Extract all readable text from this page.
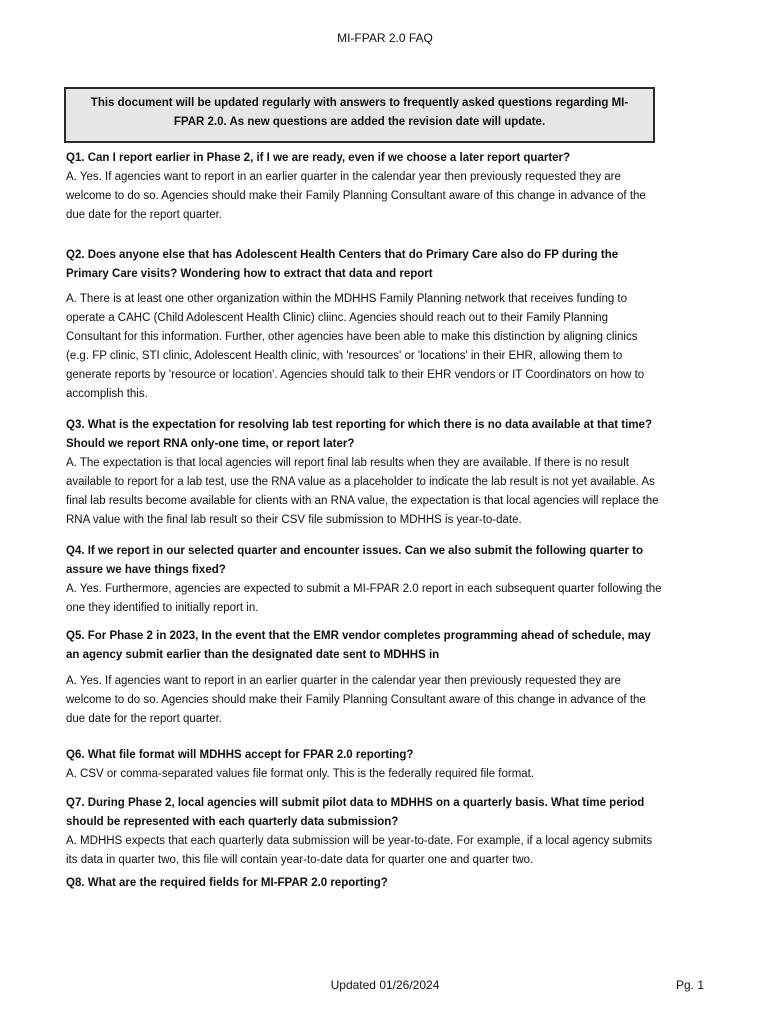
MI-FPAR 2.0 FAQ
This document will be updated regularly with answers to frequently asked questions regarding MI-FPAR 2.0. As new questions are added the revision date will update.

Q1. Can I report earlier in Phase 2, if I we are ready, even if we choose a later report quarter?

A. Yes. If agencies want to report in an earlier quarter in the calendar year then previously requested they are welcome to do so. Agencies should make their Family Planning Consultant aware of this change in advance of the due date for the report quarter.

Q2. Does anyone else that has Adolescent Health Centers that do Primary Care also do FP during the Primary Care visits? Wondering how to extract that data and report

A. There is at least one other organization within the MDHHS Family Planning network that receives funding to operate a CAHC (Child Adolescent Health Clinic) cliinc. Agencies should reach out to their Family Planning Consultant for this information. Further, other agencies have been able to make this distinction by aligning clinics (e.g. FP clinic, STI clinic, Adolescent Health clinic, with 'resources' or 'locations' in their EHR, allowing them to generate reports by 'resource or location'. Agencies should talk to their EHR vendors or IT Coordinators on how to accomplish this.

Q3. What is the expectation for resolving lab test reporting for which there is no data available at that time? Should we report RNA only-one time, or report later?

A. The expectation is that local agencies will report final lab results when they are available. If there is no result available to report for a lab test, use the RNA value as a placeholder to indicate the lab result is not yet available. As final lab results become available for clients with an RNA value, the expectation is that local agencies will replace the RNA value with the final lab result so their CSV file submission to MDHHS is year-to-date.

Q4. If we report in our selected quarter and encounter issues. Can we also submit the following quarter to assure we have things fixed?

A. Yes. Furthermore, agencies are expected to submit a MI-FPAR 2.0 report in each subsequent quarter following the one they identified to initially report in.

Q5. For Phase 2 in 2023, In the event that the EMR vendor completes programming ahead of schedule, may an agency submit earlier than the designated date sent to MDHHS in

A. Yes. If agencies want to report in an earlier quarter in the calendar year then previously requested they are welcome to do so. Agencies should make their Family Planning Consultant aware of this change in advance of the due date for the report quarter.

Q6. What file format will MDHHS accept for FPAR 2.0 reporting?

A. CSV or comma-separated values file format only. This is the federally required file format.

Q7. During Phase 2, local agencies will submit pilot data to MDHHS on a quarterly basis. What time period should be represented with each quarterly data submission?

A. MDHHS expects that each quarterly data submission will be year-to-date. For example, if a local agency submits its data in quarter two, this file will contain year-to-date data for quarter one and quarter two.

Q8. What are the required fields for MI-FPAR 2.0 reporting?

Updated 01/26/2024	Pg. 1
